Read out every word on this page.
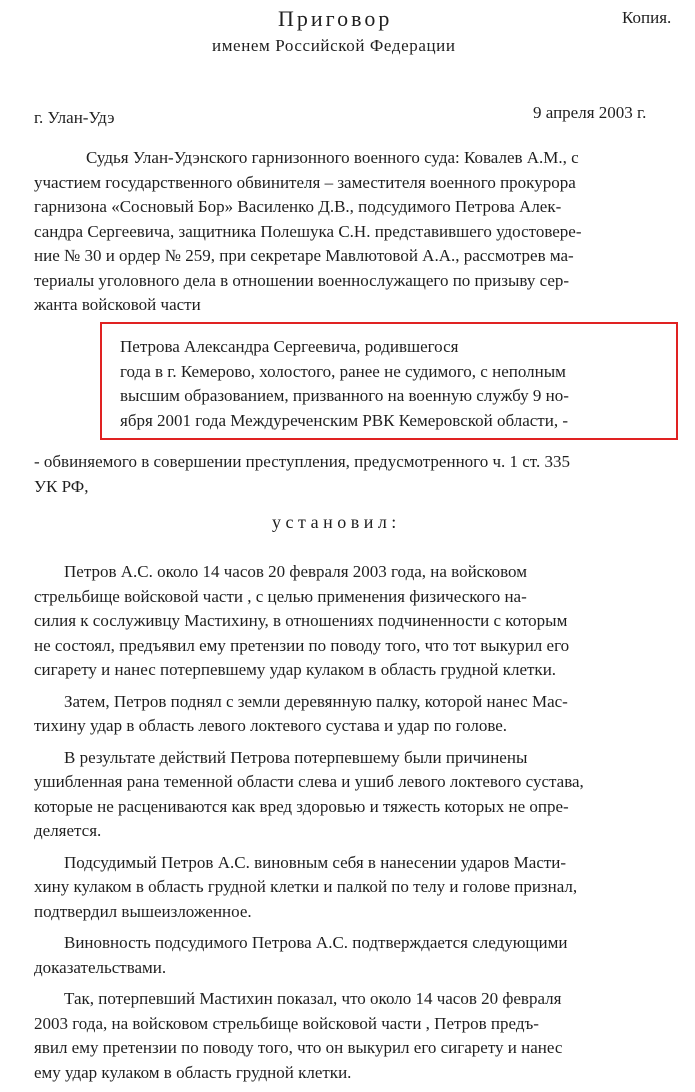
Приговор	Копия.
именем Российской Федерации
г. Улан-Удэ	9 апреля 2003 г.
Судья Улан-Удэнского гарнизонного военного суда: Ковалев А.М., с
участием государственного обвинителя – заместителя военного прокурора
гарнизона «Сосновый Бор» Василенко Д.В., подсудимого Петрова Алек-
сандра Сергеевича, защитника Полешука С.Н. представившего удостовере-
ние № 30 и ордер № 259, при секретаре Мавлютовой А.А., рассмотрев ма-
териалы уголовного дела в отношении военнослужащего по призыву сер-
жанта войсковой части
Петрова Александра Сергеевича, родившегося
года в г. Кемерово, холостого, ранее не судимого, с неполным
высшим образованием, призванного на военную службу 9 но-
ября 2001 года Междуреченским РВК Кемеровской области, -
- обвиняемого в совершении преступления, предусмотренного ч. 1 ст. 335
УК РФ,
установил:

Петров А.С. около 14 часов 20 февраля 2003 года, на войсковом
стрельбище войсковой части , с целью применения физического на-
силия к сослуживцу Мастихину, в отношениях подчиненности с которым
не состоял, предъявил ему претензии по поводу того, что тот выкурил его
сигарету и нанес потерпевшему удар кулаком в область грудной клетки.

Затем, Петров поднял с земли деревянную палку, которой нанес Мас-
тихину удар в область левого локтевого сустава и удар по голове.

В результате действий Петрова потерпевшему были причинены
ушибленная рана теменной области слева и ушиб левого локтевого сустава,
которые не расцениваются как вред здоровью и тяжесть которых не опре-
деляется.

Подсудимый Петров А.С. виновным себя в нанесении ударов Масти-
хину кулаком в область грудной клетки и палкой по телу и голове признал,
подтвердил вышеизложенное.

Виновность подсудимого Петрова А.С. подтверждается следующими
доказательствами.

Так, потерпевший Мастихин показал, что около 14 часов 20 февраля
2003 года, на войсковом стрельбище войсковой части , Петров предъ-
явил ему претензии по поводу того, что он выкурил его сигарету и нанес
ему удар кулаком в область грудной клетки.
